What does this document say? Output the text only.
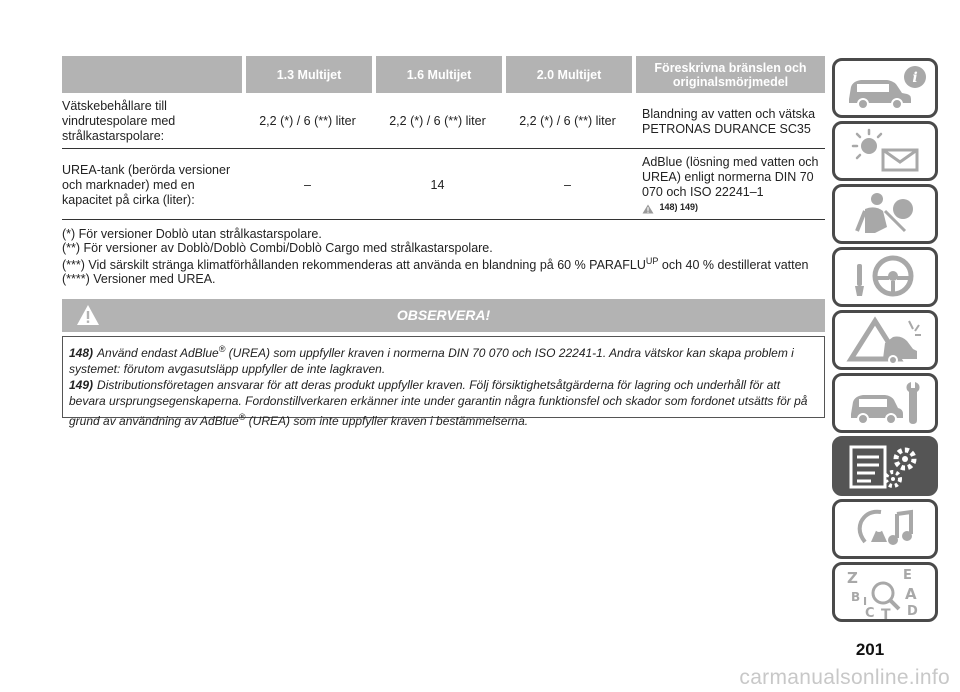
	1.3 Multijet	1.6 Multijet	2.0 Multijet	Föreskrivna bränslen och originalsmörjmedel
Vätskebehållare till vindrutespolare med strålkastarspolare:	2,2 (*) / 6 (**) liter	2,2 (*) / 6 (**) liter	2,2 (*) / 6 (**) liter	Blandning av vatten och vätska PETRONAS DURANCE SC35
UREA-tank (berörda versioner och marknader) med en kapacitet på cirka (liter):	–	14	–	AdBlue (lösning med vatten och UREA) enligt normerna DIN 70 070 och ISO 22241–1
148) 149)
(*) För versioner Doblò utan strålkastarspolare.
(**) För versioner av Doblò/Doblò Combi/Doblò Cargo med strålkastarspolare.
(***) Vid särskilt stränga klimatförhållanden rekommenderas att använda en blandning på 60 % $PARAFLU^{UP}$ och 40 % destillerat vatten
(****) Versioner med UREA.
OBSERVERA!

148) Använd endast AdBlue® (UREA) som uppfyller kraven i normerna DIN 70 070 och ISO 22241-1. Andra vätskor kan skapa problem i systemet: förutom avgasutsläpp uppfyller de inte lagkraven.

149) Distributionsföretagen ansvarar för att deras produkt uppfyller kraven. Följ försiktighetsåtgärderna för lagring och underhåll för att bevara ursprungsegenskaperna. Fordonstillverkaren erkänner inte under garantin några funktionsfel och skador som fordonet utsätts för på grund av användning av AdBlue® (UREA) som inte uppfyller kraven i bestämmelserna.

i
Z	E
B	A
C T D
I
201
carmanualsonline.info
